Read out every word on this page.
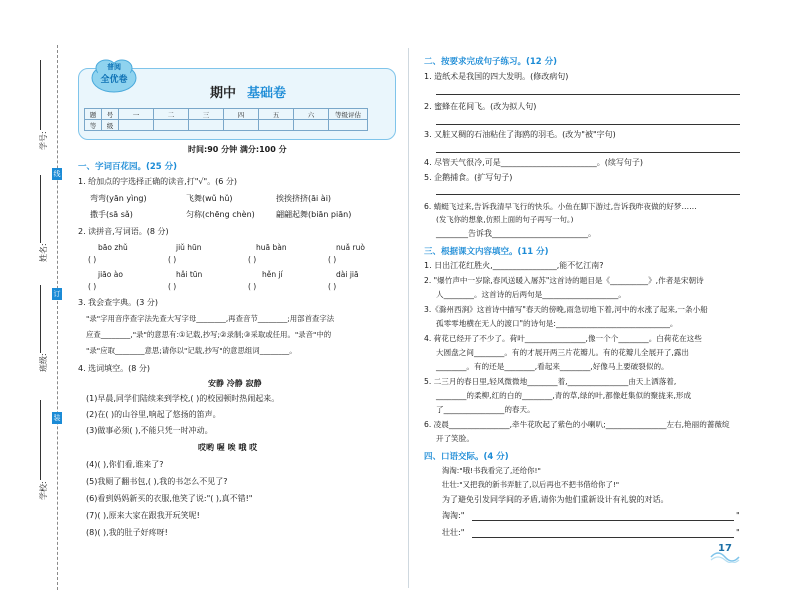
学号:
姓名:
班级:
学校:
线
订
装
普阅
全优卷
期中 基础卷
题	号	一	二	三	四	五	六	等级评估
等	级							
时间:90 分钟 满分:100 分
一、字词百花园。(25 分)
1. 给加点的字选择正确的读音,打"√"。(6 分)
弯弯(yān yìng)	飞舞(wǔ hǔ)	挨挨挤挤(āi ài)
撒手(sā sǎ)	匀称(chēng chèn)	翩翩起舞(biān piān)
2. 读拼音,写词语。(8 分)
bāo zhǔ	jiǔ hūn	huā bàn	nuǎ ruò
( )	( )	( )	( )
jiāo ào	hǎi tūn	hěn jí	dài jiā
( )	( )	( )	( )
3. 我会查字典。(3 分)
"录"字用音序查字法先查大写字母________,再查音节________;用部首查字法
应查________,"录"的意思有:①记载,抄写;②录制;③采取或任用。"录音"中的
"录"应取________意思;请你以"记载,抄写"的意思组词________。
4. 选词填空。(8 分)
安静 冷静 寂静
(1)早晨,同学们陆续来到学校,( )的校园顿时热闹起来。
(2)在( )的山谷里,响起了悠扬的笛声。
(3)做事必须( ),不能只凭一时冲动。
哎哟 喔 唉 哦 哎
(4)( ),你们看,谁来了?
(5)我厕了翻书包,( ),我的书怎么不见了?
(6)看到妈妈新买的衣服,他笑了说:"( ),真不错!"
(7)( ),原来大家在跟我开玩笑呢!
(8)( ),我的肚子好疼呀!
二、按要求完成句子练习。(12 分)
1. 造纸术是我国的四大发明。(修改病句)
2. 蜜蜂在花间飞。(改为拟人句)
3. 又脏又稠的石油粘住了海鸥的羽毛。(改为"被"字句)
4. 尽管天气很冷,可是________________________。(续写句子)
5. 企鹅捕食。(扩写句子)
6. 蜻蜓飞过来,告诉我清早飞行的快乐。小鱼在脚下游过,告诉我昨夜做的好梦……
(发飞你的想象,仿照上面的句子再写一句。)
________告诉我________________________。
三、根据课文内容填空。(11 分)
1. 日出江花红胜火,________________,能不忆江南?
2. "爆竹声中一岁除,春风送暖入屠苏"这首诗的题目是《__________》,作者是宋朝诗
人________。这首诗的后两句是____________________。
3.《滁州西涧》这首诗中描写"春天的傍晚,雨急切地下着,河中的水涨了起来,一条小船
孤零零地横在无人的渡口"的诗句是:______________________________。
4. 荷花已经开了不少了。荷叶________________,像一个个________。白荷花在这些
大圆盘之间________。有的才展开两三片花瓣儿。有的花瓣儿全展开了,露出
________。有的还是________,看起来________,好像马上要破裂似的。
5. 二三月的春日里,轻风微微地________着,________________由天上洒落着,
________的柔柳,红的白的________,青的草,绿的叶,都像赶集似的聚拢来,形成
了________________的春天。
6. 凌晨________________,牵牛花吹起了紫色的小喇叭;________________左右,艳丽的蔷薇绽
开了笑脸。
四、口语交际。(4 分)
淘淘:"哦!书我看完了,还给你!"
壮壮:"又把我的新书弄脏了,以后再也不把书借给你了!"
为了避免引发同学间的矛盾,请你为他们重新设计有礼貌的对话。
淘淘:"	"
壮壮:"	"
17
